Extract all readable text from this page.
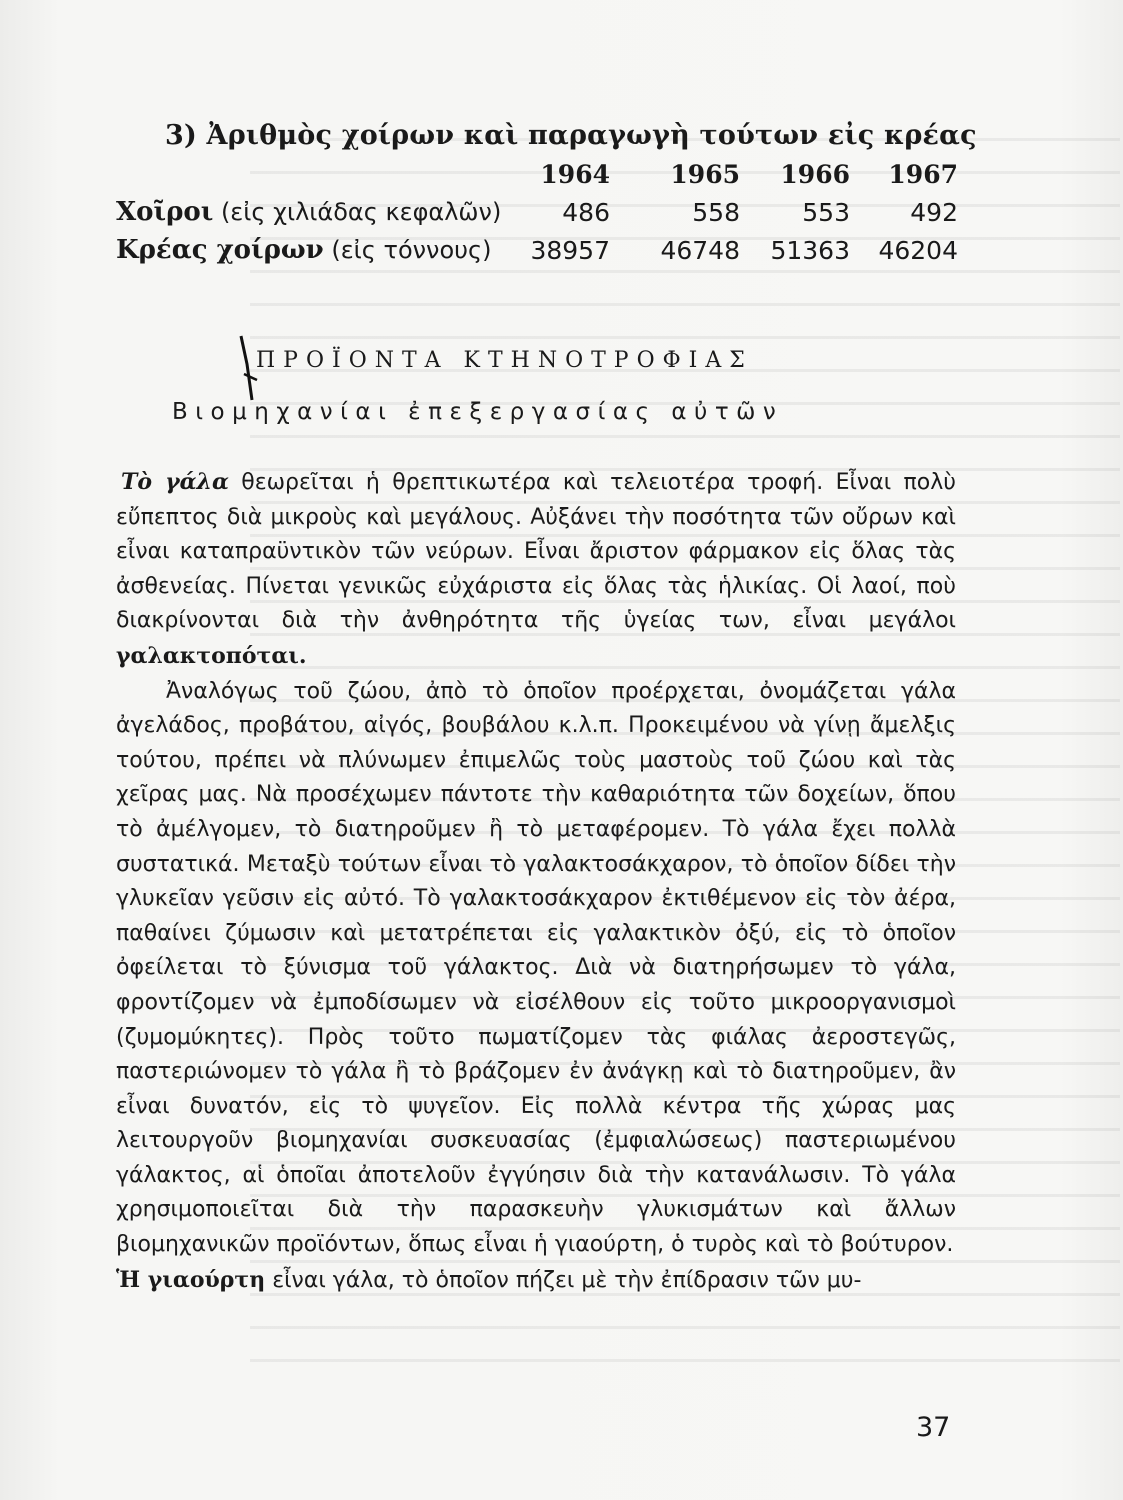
3) Ἀριθμὸς χοίρων καὶ παραγωγὴ τούτων εἰς κρέας
	1964	1965	1966	1967
Χοῖροι (εἰς χιλιάδας κεφαλῶν)	486	558	553	492
Κρέας χοίρων (εἰς τόννους)	38957	46748	51363	46204
ΠΡΟΪΟΝΤΑ ΚΤΗΝΟΤΡΟΦΙΑΣ
Βιομηχανίαι ἐπεξεργασίας αὐτῶν

Τὸ γάλα θεωρεῖται ἡ θρεπτικωτέρα καὶ τελειοτέρα τροφή. Εἶναι πολὺ εὔπεπτος διὰ μικροὺς καὶ μεγάλους. Αὐξάνει τὴν ποσότητα τῶν οὔρων καὶ εἶναι καταπραϋντικὸν τῶν νεύρων. Εἶναι ἄριστον φάρμακον εἰς ὅλας τὰς ἀσθενείας. Πίνεται γενικῶς εὐχάριστα εἰς ὅλας τὰς ἡλικίας. Οἱ λαοί, ποὺ διακρίνονται διὰ τὴν ἀνθηρότητα τῆς ὑγείας των, εἶναι μεγάλοι γαλακτοπόται.

Ἀναλόγως τοῦ ζώου, ἀπὸ τὸ ὁποῖον προέρχεται, ὀνομάζεται γάλα ἀγελάδος, προβάτου, αἰγός, βουβάλου κ.λ.π. Προκειμένου νὰ γίνῃ ἄμελξις τούτου, πρέπει νὰ πλύνωμεν ἐπιμελῶς τοὺς μαστοὺς τοῦ ζώου καὶ τὰς χεῖρας μας. Νὰ προσέχωμεν πάντοτε τὴν καθαριότητα τῶν δοχείων, ὅπου τὸ ἀμέλγομεν, τὸ διατηροῦμεν ἢ τὸ μεταφέρομεν. Τὸ γάλα ἔχει πολλὰ συστατικά. Μεταξὺ τούτων εἶναι τὸ γαλακτοσάκχαρον, τὸ ὁποῖον δίδει τὴν γλυκεῖαν γεῦσιν εἰς αὐτό. Τὸ γαλακτοσάκχαρον ἐκτιθέμενον εἰς τὸν ἀέρα, παθαίνει ζύμωσιν καὶ μετατρέπεται εἰς γαλακτικὸν ὀξύ, εἰς τὸ ὁποῖον ὀφείλεται τὸ ξύνισμα τοῦ γάλακτος. Διὰ νὰ διατηρήσωμεν τὸ γάλα, φροντίζομεν νὰ ἐμποδίσωμεν νὰ εἰσέλθουν εἰς τοῦτο μικροοργανισμοὶ (ζυμομύκητες). Πρὸς τοῦτο πωματίζομεν τὰς φιάλας ἀεροστεγῶς, παστεριώνομεν τὸ γάλα ἢ τὸ βράζομεν ἐν ἀνάγκῃ καὶ τὸ διατηροῦμεν, ἂν εἶναι δυνατόν, εἰς τὸ ψυγεῖον. Εἰς πολλὰ κέντρα τῆς χώρας μας λειτουργοῦν βιομηχανίαι συσκευασίας (ἐμφιαλώσεως) παστεριωμένου γάλακτος, αἱ ὁποῖαι ἀποτελοῦν ἐγγύησιν διὰ τὴν κατανάλωσιν. Τὸ γάλα χρησιμοποιεῖται διὰ τὴν παρασκευὴν γλυκισμάτων καὶ ἄλλων βιομηχανικῶν προϊόντων, ὅπως εἶναι ἡ γιαούρτη, ὁ τυρὸς καὶ τὸ βούτυρον.

Ἡ γιαούρτη εἶναι γάλα, τὸ ὁποῖον πήζει μὲ τὴν ἐπίδρασιν τῶν μυ-

37
